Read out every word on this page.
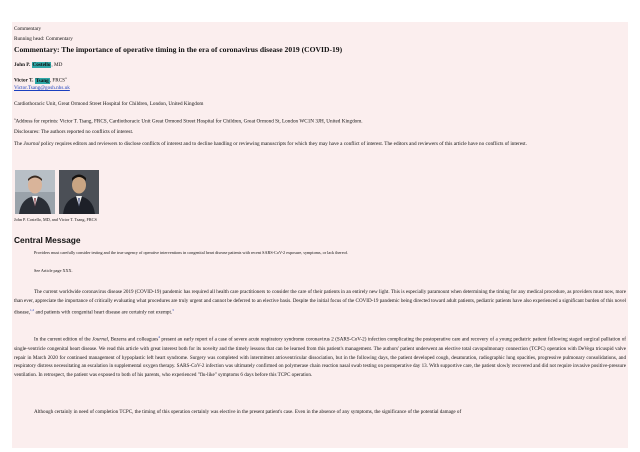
Commentary
Running head: Commentary
Commentary: The importance of operative timing in the era of coronavirus disease 2019 (COVID-19)
John P. Costello, MD
Victor T. Tsang, FRCS$^a$
Victor.Tsang@gosh.nhs.uk
Cardiothoracic Unit, Great Ormond Street Hospital for Children, London, United Kingdom
$^a$Address for reprints: Victor T. Tsang, FRCS, Cardiothoracic Unit Great Ormond Street Hospital for Children, Great Ormond St, London WC1N 3JH, United Kingdom.
Disclosures: The authors reported no conflicts of interest.
The Journal policy requires editors and reviewers to disclose conflicts of interest and to decline handling or reviewing manuscripts for which they may have a conflict of interest. The editors and reviewers of this article have no conflicts of interest.
John P. Costello, MD, and Victor T. Tsang, FRCS
Central Message
Providers must carefully consider testing and the true urgency of operative interventions in congenital heart disease patients with recent SARS-CoV-2 exposure, symptoms, or lack thereof.
See Article page XXX.
The current worldwide coronavirus disease 2019 (COVID-19) pandemic has required all health care practitioners to consider the care of their patients in an entirely new light. This is especially paramount when determining the timing for any medical procedure, as providers must now, more than ever, appreciate the importance of critically evaluating what procedures are truly urgent and cannot be deferred to an elective basis. Despite the initial focus of the COVID-19 pandemic being directed toward adult patients, pediatric patients have also experienced a significant burden of this novel disease,$^{1,2}$ and patients with congenital heart disease are certainly not exempt.$^3$
In the current edition of the Journal, Bezerra and colleagues$^4$ present an early report of a case of severe acute respiratory syndrome coronavirus 2 (SARS-CoV-2) infection complicating the postoperative care and recovery of a young pediatric patient following staged surgical palliation of single-ventricle congenital heart disease. We read this article with great interest both for its novelty and the timely lessons that can be learned from this patient's management. The authors' patient underwent an elective total cavopulmonary connection (TCPC) operation with DeVega tricuspid valve repair in March 2020 for continued management of hypoplastic left heart syndrome. Surgery was completed with intermittent atrioventricular dissociation, but in the following days, the patient developed cough, desaturation, radiographic lung opacities, progressive pulmonary consolidations, and respiratory distress necessitating an escalation in supplemental oxygen therapy. SARS-CoV-2 infection was ultimately confirmed on polymerase chain reaction nasal swab testing on postoperative day 13. With supportive care, the patient slowly recovered and did not require invasive positive-pressure ventilation. In retrospect, the patient was exposed to both of his parents, who experienced "flu-like" symptoms 6 days before this TCPC operation.
Although certainly in need of completion TCPC, the timing of this operation certainly was elective in the present patient's case. Even in the absence of any symptoms, the significance of the potential damage of
